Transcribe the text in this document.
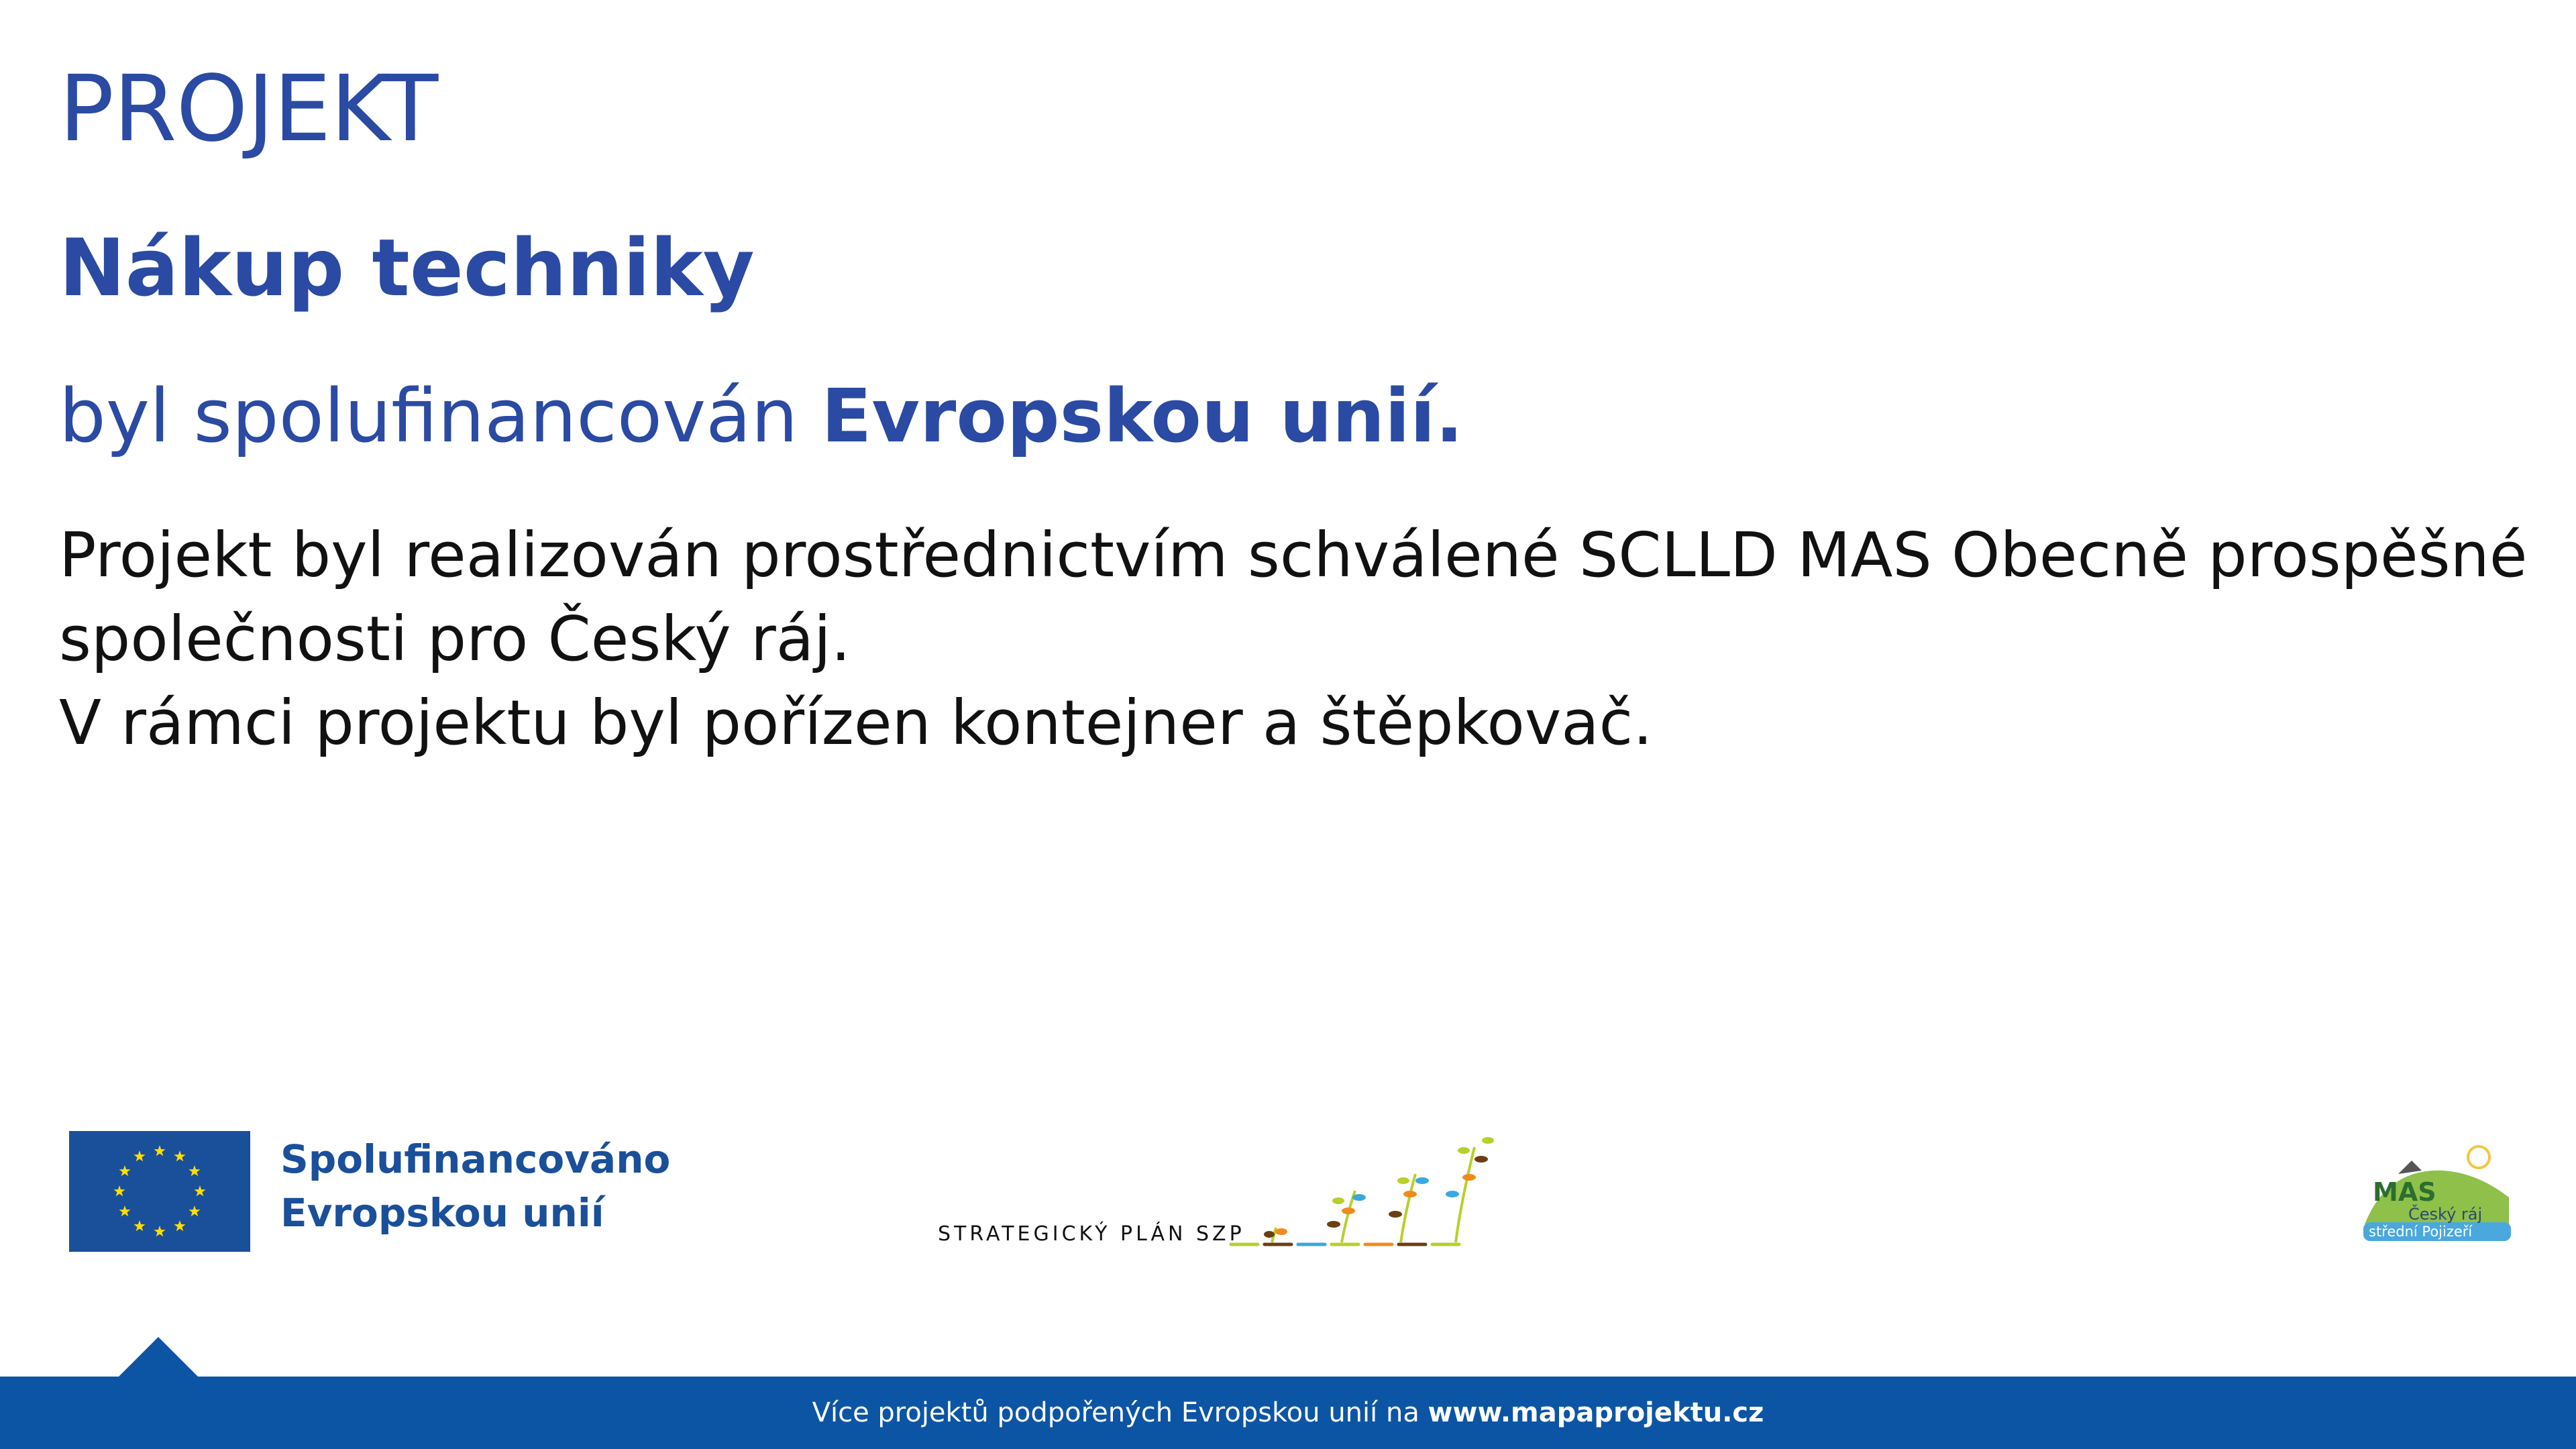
PROJEKT
Nákup techniky
byl spolufinancován Evropskou unií.
Projekt byl realizován prostřednictvím schválené SCLLD MAS Obecně prospěšné
společnosti pro Český ráj.
V rámci projektu byl pořízen kontejner a štěpkovač.
Spolufinancováno
Evropskou unií	STRATEGICKÝ PLÁN SZP
MAS
Český ráj
střední Pojizeří
Více projektů podpořených Evropskou unií na www.mapaprojektu.cz
